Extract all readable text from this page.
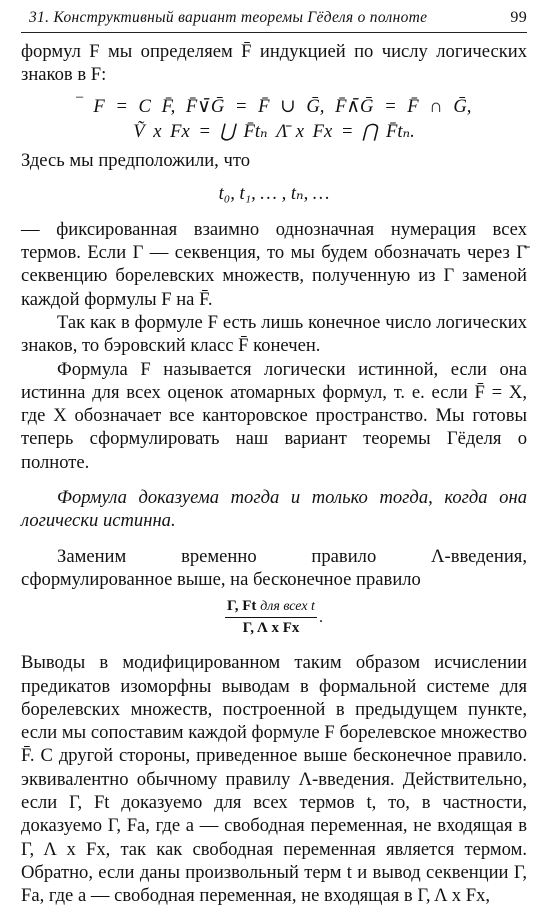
31. Конструктивный вариант теоремы Гёделя о полноте	99

формул F мы определяем F̄ индукцией по числу логических знаков в F:

‾ F = C F̄, F̄∨̄Ḡ = F̄ ∪ Ḡ, F̄∧̄Ḡ = F̄ ∩ Ḡ,

Ṽ x Fx = ⋃ F̄tₙ Λ̄ x Fx = ⋂ F̄tₙ.

Здесь мы предположили, что

t₀, t₁, … , tₙ, …

— фиксированная взаимно однозначная нумерация всех термов. Если Γ — секвенция, то мы будем обозначать через Γ̄ секвенцию борелевских множеств, полученную из Γ заменой каждой формулы F на F̄.

Так как в формуле F есть лишь конечное число логических знаков, то бэровский класс F̄ конечен.

Формула F называется логически истинной, если она истинна для всех оценок атомарных формул, т. е. если F̄ = X, где X обозначает все канторовское пространство. Мы готовы теперь сформулировать наш вариант теоремы Гёделя о полноте.

Формула доказуема тогда и только тогда, когда она логически истинна.

Заменим временно правило Λ-введения, сформулированное выше, на бесконечное правило

$\frac{\text{Γ, Ft для всех t}}{\text{Γ, Λ x Fx}}$ .

Выводы в модифицированном таким образом исчислении предикатов изоморфны выводам в формальной системе для борелевских множеств, построенной в предыдущем пункте, если мы сопоставим каждой формуле F борелевское множество F̄. С другой стороны, приведенное выше бесконечное правило. эквивалентно обычному правилу Λ-введения. Действительно, если Γ, Ft доказуемо для всех термов t, то, в частности, доказуемо Γ, Fa, где a — свободная переменная, не входящая в Γ, Λ x Fx, так как свободная переменная является термом. Обратно, если даны произвольный терм t и вывод секвенции Γ, Fa, где a — свободная переменная, не входящая в Γ, Λ x Fx,
